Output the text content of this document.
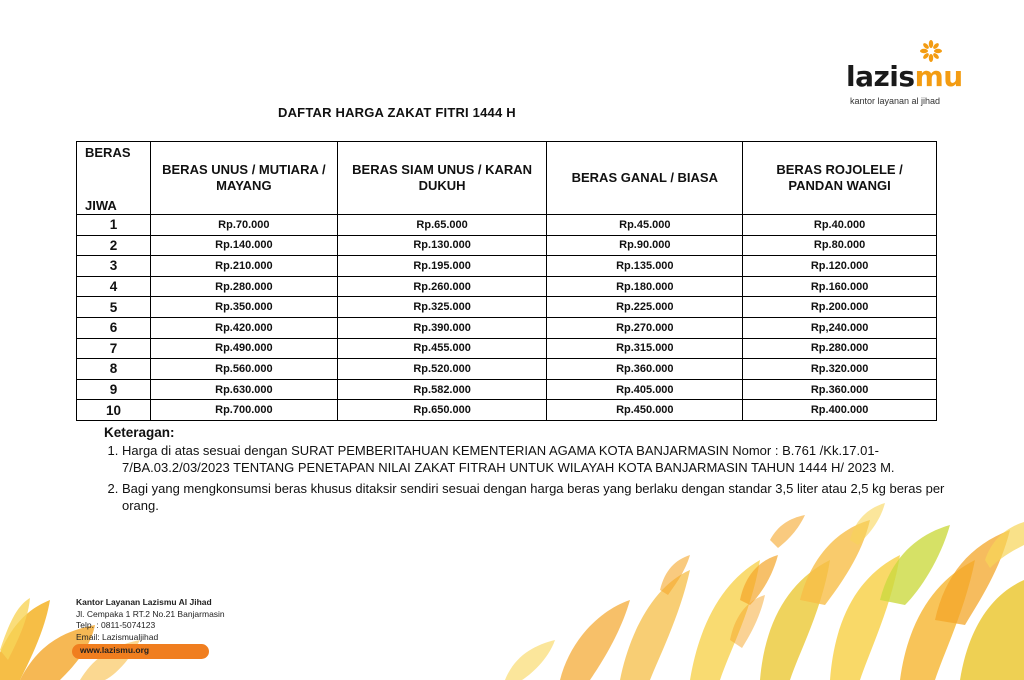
lazismu
kantor layanan al jihad
DAFTAR HARGA ZAKAT FITRI 1444 H
BERAS
JIWA	BERAS UNUS / MUTIARA / MAYANG	BERAS SIAM UNUS / KARAN DUKUH	BERAS GANAL / BIASA	BERAS ROJOLELE / PANDAN WANGI
1	Rp.70.000	Rp.65.000	Rp.45.000	Rp.40.000
2	Rp.140.000	Rp.130.000	Rp.90.000	Rp.80.000
3	Rp.210.000	Rp.195.000	Rp.135.000	Rp.120.000
4	Rp.280.000	Rp.260.000	Rp.180.000	Rp.160.000
5	Rp.350.000	Rp.325.000	Rp.225.000	Rp.200.000
6	Rp.420.000	Rp.390.000	Rp.270.000	Rp,240.000
7	Rp.490.000	Rp.455.000	Rp.315.000	Rp.280.000
8	Rp.560.000	Rp.520.000	Rp.360.000	Rp.320.000
9	Rp.630.000	Rp.582.000	Rp.405.000	Rp.360.000
10	Rp.700.000	Rp.650.000	Rp.450.000	Rp.400.000
Keteragan:
1. Harga di atas sesuai dengan SURAT PEMBERITAHUAN KEMENTERIAN AGAMA KOTA BANJARMASIN Nomor : B.761 /Kk.17.01-7/BA.03.2/03/2023 TENTANG PENETAPAN NILAI ZAKAT FITRAH UNTUK WILAYAH KOTA BANJARMASIN TAHUN 1444 H/ 2023 M.
2. Bagi yang mengkonsumsi beras khusus ditaksir sendiri sesuai dengan harga beras yang berlaku dengan standar 3,5 liter atau 2,5 kg beras per orang.
Kantor Layanan Lazismu Al Jihad
Jl. Cempaka 1 RT.2 No.21 Banjarmasin
Telp. : 0811-5074123
Email: Lazismualjihad
www.lazismu.org
